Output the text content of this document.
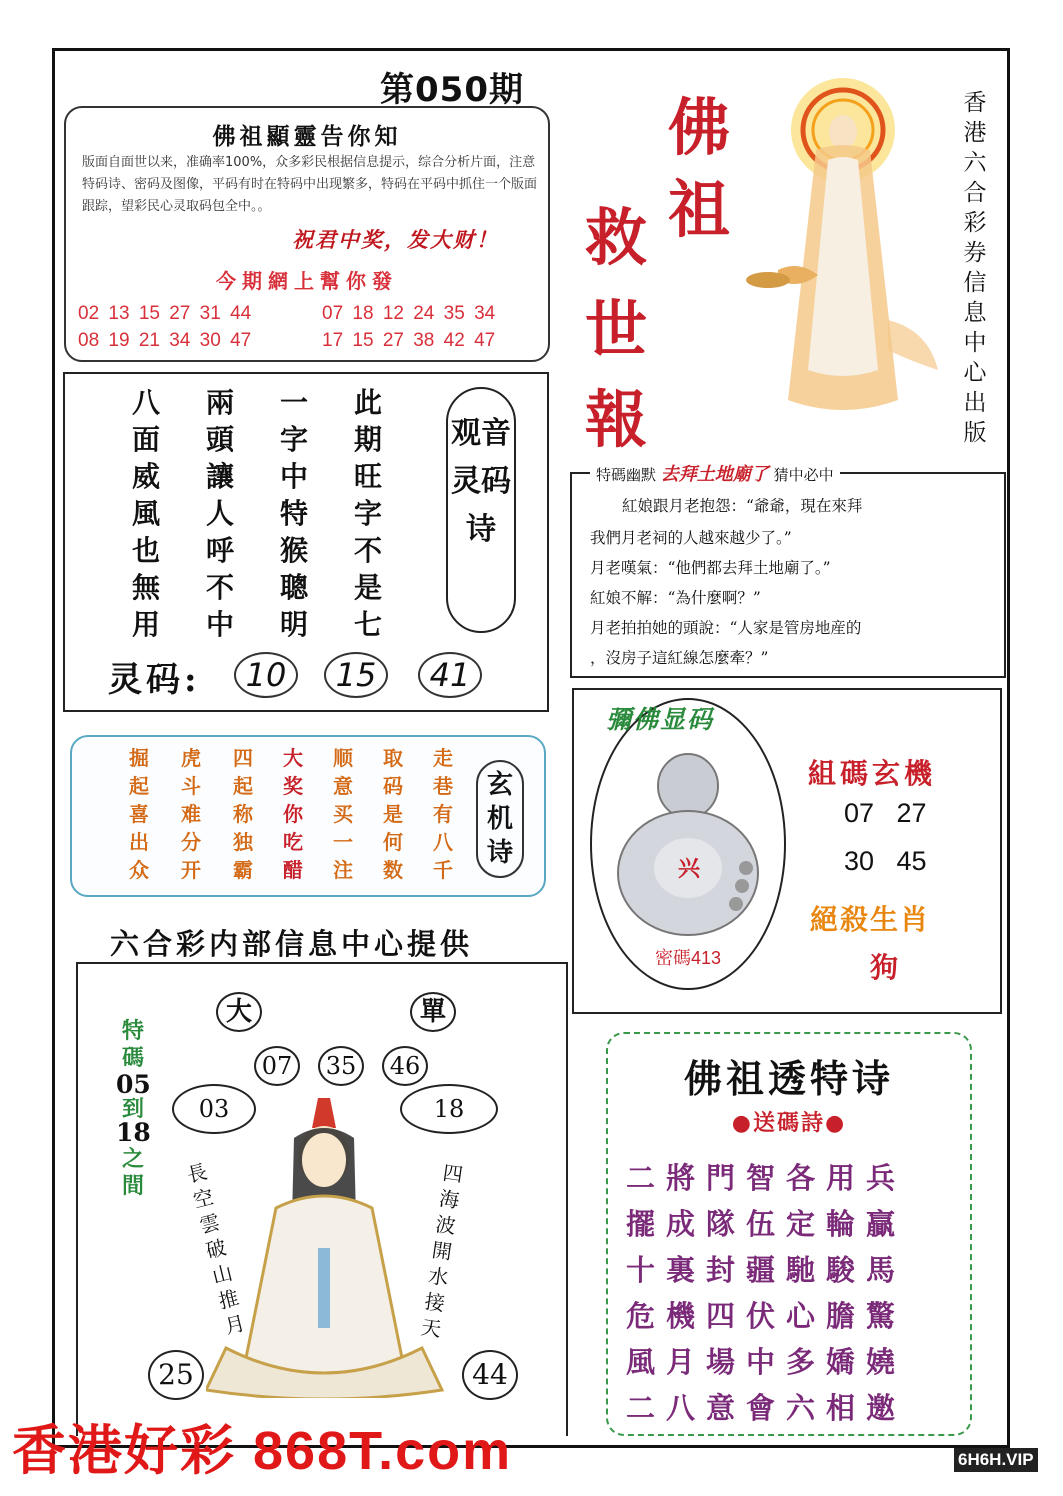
第050期
佛祖顯靈告你知
版面自面世以来，准确率100%，众多彩民根据信息提示，综合分析片面，注意特码诗、密码及图像，平码有时在特码中出现繁多，特码在平码中抓住一个版面跟踪，望彩民心灵取码包全中。。
祝君中奖，发大财！
今期網上幫你發
02 13 15 27 31 44	07 18 12 24 35 34
08 19 21 34 30 47	17 15 27 38 42 47
佛
祖
救
世
報
香港六合彩券信息中心出版
八面威風也無用
兩頭讓人呼不中
一字中特猴聰明
此期旺字不是七
观音灵码诗
灵码:	10	15	41
掘起喜出众
虎斗难分开
四起称独霸
大奖你吃醋
顺意买一注
取码是何数
走巷有八千
玄机诗
六合彩内部信息中心提供
大	單
07	35	46
03	18
特碼
05
到
18
之間	長空雲破山推月
四海波開水接天
25	44
特碼幽默 去拜土地廟了 猜中必中
紅娘跟月老抱怨：“爺爺，現在來拜
我們月老祠的人越來越少了。”
月老嘆氣：“他們都去拜土地廟了。”
紅娘不解：“為什麼啊？”
月老拍拍她的頭說：“人家是管房地産的
，沒房子這紅線怎麼牽？”
彌佛显码
兴
密碼413
組碼玄機
07   27
30   45
絕殺生肖
狗
佛祖透特诗
●送碼詩●
二將門智各用兵
擺成隊伍定輪贏
十裏封疆馳駿馬
危機四伏心膽驚
風月場中多嬌嬈
二八意會六相邀
香港好彩 868T.com	6H6H.VIP
